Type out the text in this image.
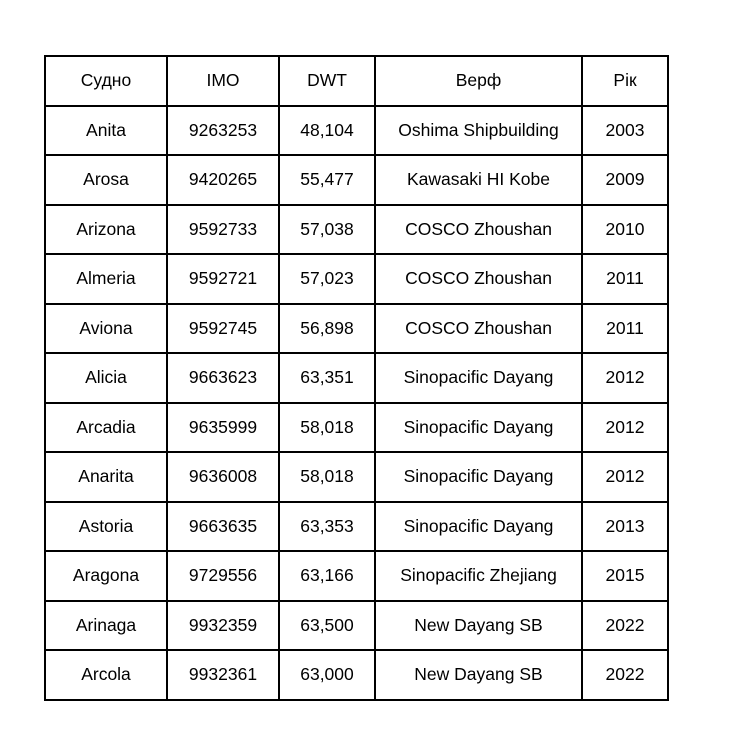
Судно	IMO	DWT	Верф	Рік
Anita	9263253	48,104	Oshima Shipbuilding	2003
Arosa	9420265	55,477	Kawasaki HI Kobe	2009
Arizona	9592733	57,038	COSCO Zhoushan	2010
Almeria	9592721	57,023	COSCO Zhoushan	2011
Aviona	9592745	56,898	COSCO Zhoushan	2011
Alicia	9663623	63,351	Sinopacific Dayang	2012
Arcadia	9635999	58,018	Sinopacific Dayang	2012
Anarita	9636008	58,018	Sinopacific Dayang	2012
Astoria	9663635	63,353	Sinopacific Dayang	2013
Aragona	9729556	63,166	Sinopacific Zhejiang	2015
Arinaga	9932359	63,500	New Dayang SB	2022
Arcola	9932361	63,000	New Dayang SB	2022
